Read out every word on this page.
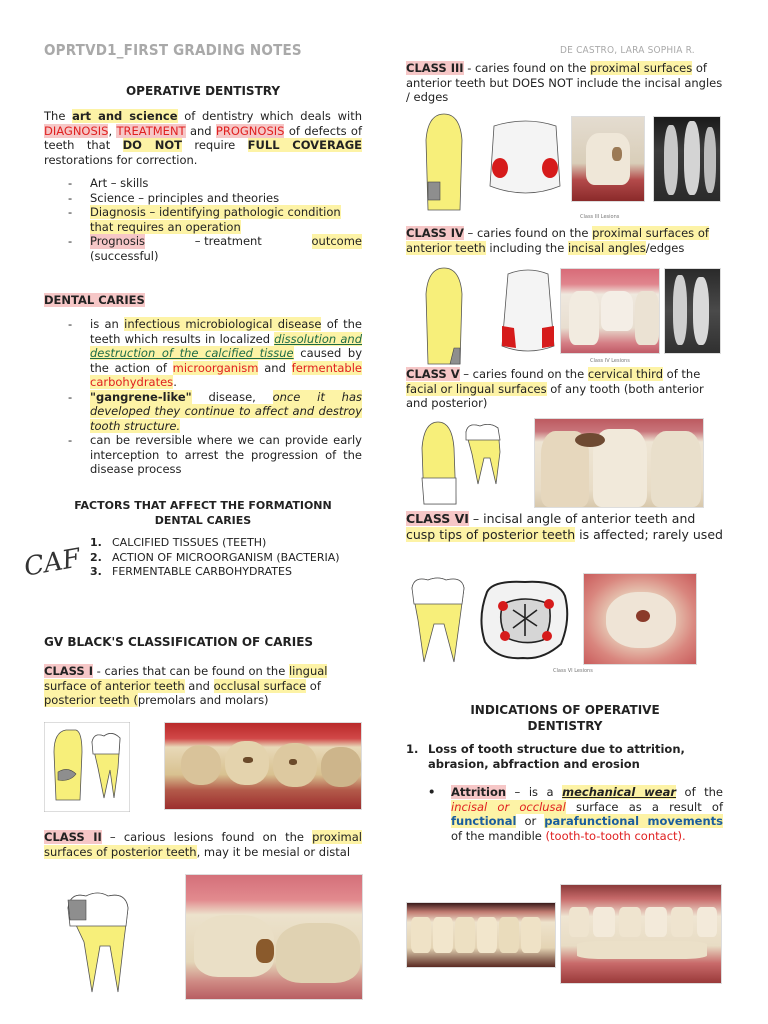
OPRTVD1_FIRST GRADING NOTES	DE CASTRO, LARA SOPHIA R.
OPERATIVE DENTISTRY
The art and science of dentistry which deals with DIAGNOSIS, TREATMENT and PROGNOSIS of defects of teeth that DO NOT require FULL COVERAGE restorations for correction.
- Art – skills
- Science – principles and theories
- Diagnosis – identifying pathologic condition
that requires an operation
- Prognosis	– treatment	outcome
(successful)
DENTAL CARIES
- is an infectious microbiological disease of the teeth which results in localized dissolution and destruction of the calcified tissue caused by the action of microorganism and fermentable carbohydrates.
- "gangrene-like" disease, once it has developed they continue to affect and destroy tooth structure.
- can be reversible where we can provide early interception to arrest the progression of the disease process
FACTORS THAT AFFECT THE FORMATIONN
DENTAL CARIES
CAF
1. CALCIFIED TISSUES (TEETH)
2. ACTION OF MICROORGANISM (BACTERIA)
3. FERMENTABLE CARBOHYDRATES
GV BLACK'S CLASSIFICATION OF CARIES
CLASS I - caries that can be found on the lingual surface of anterior teeth and occlusal surface of posterior teeth (premolars and molars)
CLASS II – carious lesions found on the proximal surfaces of posterior teeth, may it be mesial or distal
CLASS III - caries found on the proximal surfaces of anterior teeth but DOES NOT include the incisal angles / edges
Class III Lesions
CLASS IV – caries found on the proximal surfaces of anterior teeth including the incisal angles/edges
Class IV Lesions
CLASS V – caries found on the cervical third of the facial or lingual surfaces of any tooth (both anterior and posterior)
CLASS VI – incisal angle of anterior teeth and cusp tips of posterior teeth is affected; rarely used
Class VI Lesions
INDICATIONS OF OPERATIVE
DENTISTRY
1. Loss of tooth structure due to attrition, abrasion, abfraction and erosion
• Attrition – is a mechanical wear of the incisal or occlusal surface as a result of functional or parafunctional movements of the mandible (tooth-to-tooth contact).
